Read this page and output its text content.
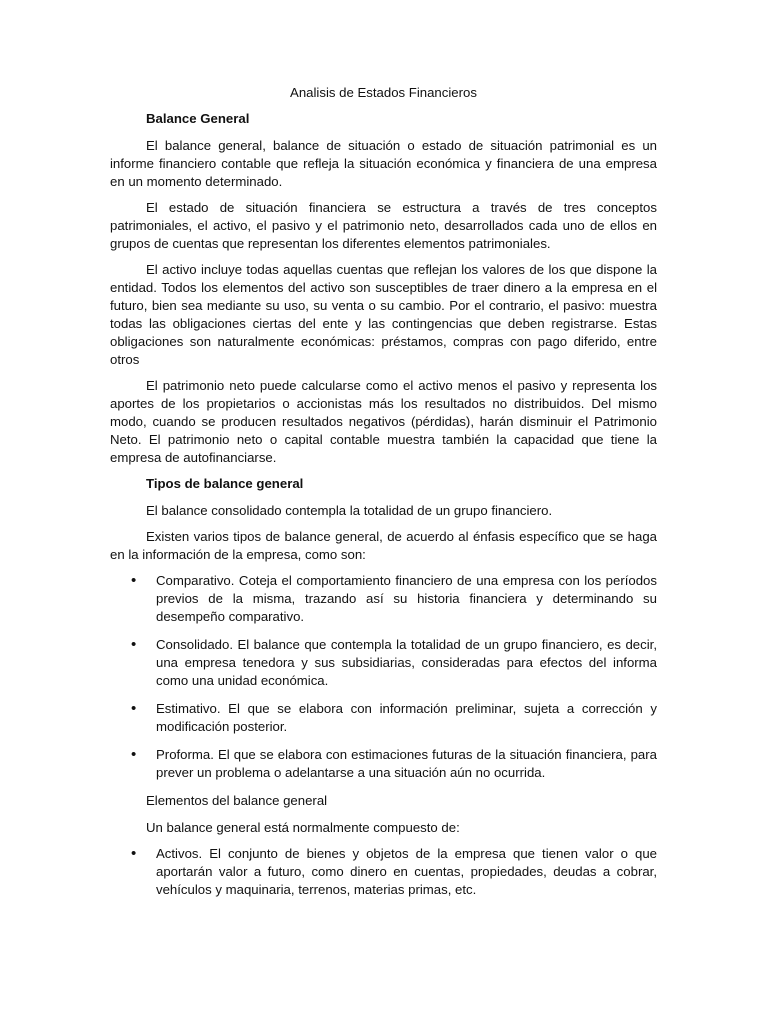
Analisis de Estados Financieros
Balance General

El balance general, balance de situación o estado de situación patrimonial es un informe financiero contable que refleja la situación económica y financiera de una empresa en un momento determinado.

El estado de situación financiera se estructura a través de tres conceptos patrimoniales, el activo, el pasivo y el patrimonio neto, desarrollados cada uno de ellos en grupos de cuentas que representan los diferentes elementos patrimoniales.

El activo incluye todas aquellas cuentas que reflejan los valores de los que dispone la entidad. Todos los elementos del activo son susceptibles de traer dinero a la empresa en el futuro, bien sea mediante su uso, su venta o su cambio. Por el contrario, el pasivo: muestra todas las obligaciones ciertas del ente y las contingencias que deben registrarse. Estas obligaciones son naturalmente económicas: préstamos, compras con pago diferido, entre otros

El patrimonio neto puede calcularse como el activo menos el pasivo y representa los aportes de los propietarios o accionistas más los resultados no distribuidos. Del mismo modo, cuando se producen resultados negativos (pérdidas), harán disminuir el Patrimonio Neto. El patrimonio neto o capital contable muestra también la capacidad que tiene la empresa de autofinanciarse.

Tipos de balance general

El balance consolidado contempla la totalidad de un grupo financiero.

Existen varios tipos de balance general, de acuerdo al énfasis específico que se haga en la información de la empresa, como son:

• Comparativo. Coteja el comportamiento financiero de una empresa con los períodos previos de la misma, trazando así su historia financiera y determinando su desempeño comparativo.
• Consolidado. El balance que contempla la totalidad de un grupo financiero, es decir, una empresa tenedora y sus subsidiarias, consideradas para efectos del informa como una unidad económica.
• Estimativo. El que se elabora con información preliminar, sujeta a corrección y modificación posterior.
• Proforma. El que se elabora con estimaciones futuras de la situación financiera, para prever un problema o adelantarse a una situación aún no ocurrida.
Elementos del balance general

Un balance general está normalmente compuesto de:

• Activos. El conjunto de bienes y objetos de la empresa que tienen valor o que aportarán valor a futuro, como dinero en cuentas, propiedades, deudas a cobrar, vehículos y maquinaria, terrenos, materias primas, etc.
